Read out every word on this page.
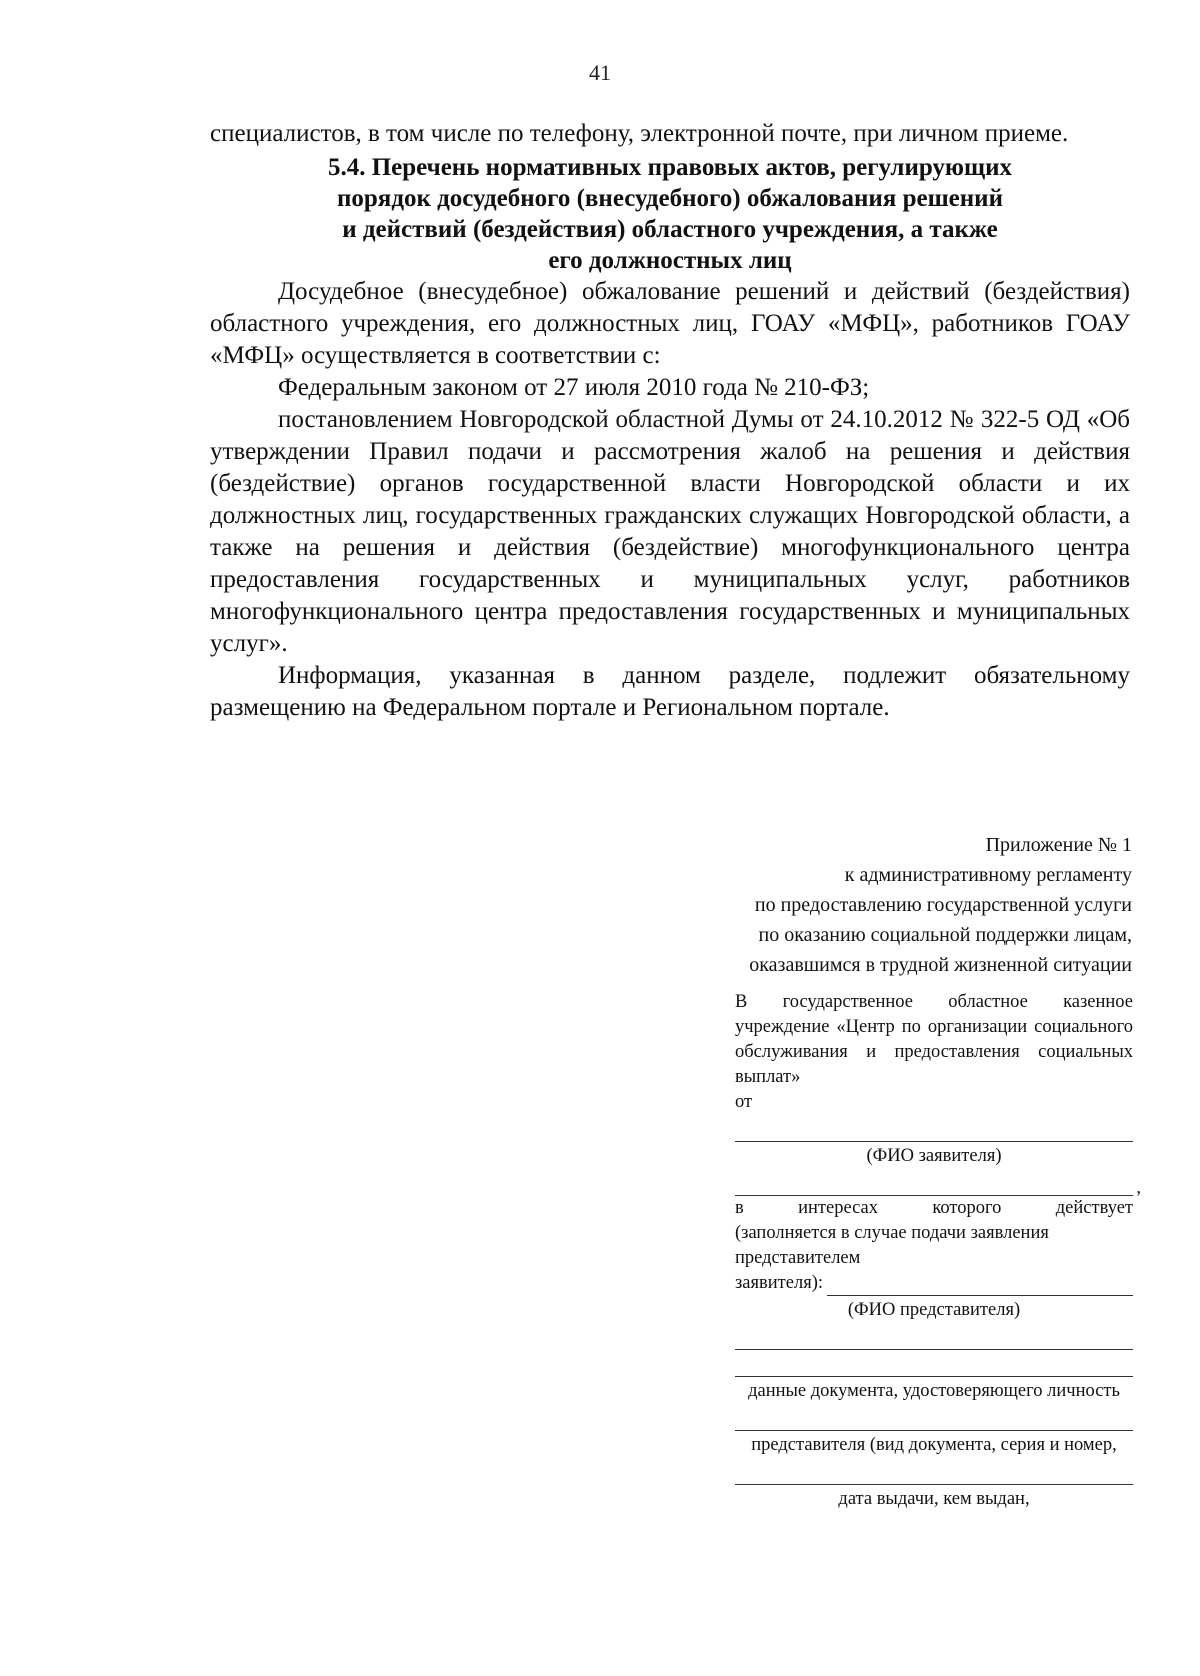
41

специалистов, в том числе по телефону, электронной почте, при личном приеме.

5.4. Перечень нормативных правовых актов, регулирующих
порядок досудебного (внесудебного) обжалования решений
и действий (бездействия) областного учреждения, а также
его должностных лиц

Досудебное (внесудебное) обжалование решений и действий (бездействия) областного учреждения, его должностных лиц, ГОАУ «МФЦ», работников ГОАУ «МФЦ» осуществляется в соответствии с:

Федеральным законом от 27 июля 2010 года № 210-ФЗ;

постановлением Новгородской областной Думы от 24.10.2012 № 322-5 ОД «Об утверждении Правил подачи и рассмотрения жалоб на решения и действия (бездействие) органов государственной власти Новгородской области и их должностных лиц, государственных гражданских служащих Новгородской области, а также на решения и действия (бездействие) многофункционального центра предоставления государственных и муниципальных услуг, работников многофункционального центра предоставления государственных и муниципальных услуг».

Информация, указанная в данном разделе, подлежит обязательному размещению на Федеральном портале и Региональном портале.

Приложение № 1
к административному регламенту
по предоставлению государственной услуги
по оказанию социальной поддержки лицам,
оказавшимся в трудной жизненной ситуации
В государственное областное казенное учреждение «Центр по организации социального обслуживания и предоставления социальных выплат»
от
(ФИО заявителя)
,
в интересах которого действует
(заполняется в случае подачи заявления представителем
заявителя):
(ФИО представителя)
данные документа, удостоверяющего личность
представителя (вид документа, серия и номер,
дата выдачи, кем выдан,
